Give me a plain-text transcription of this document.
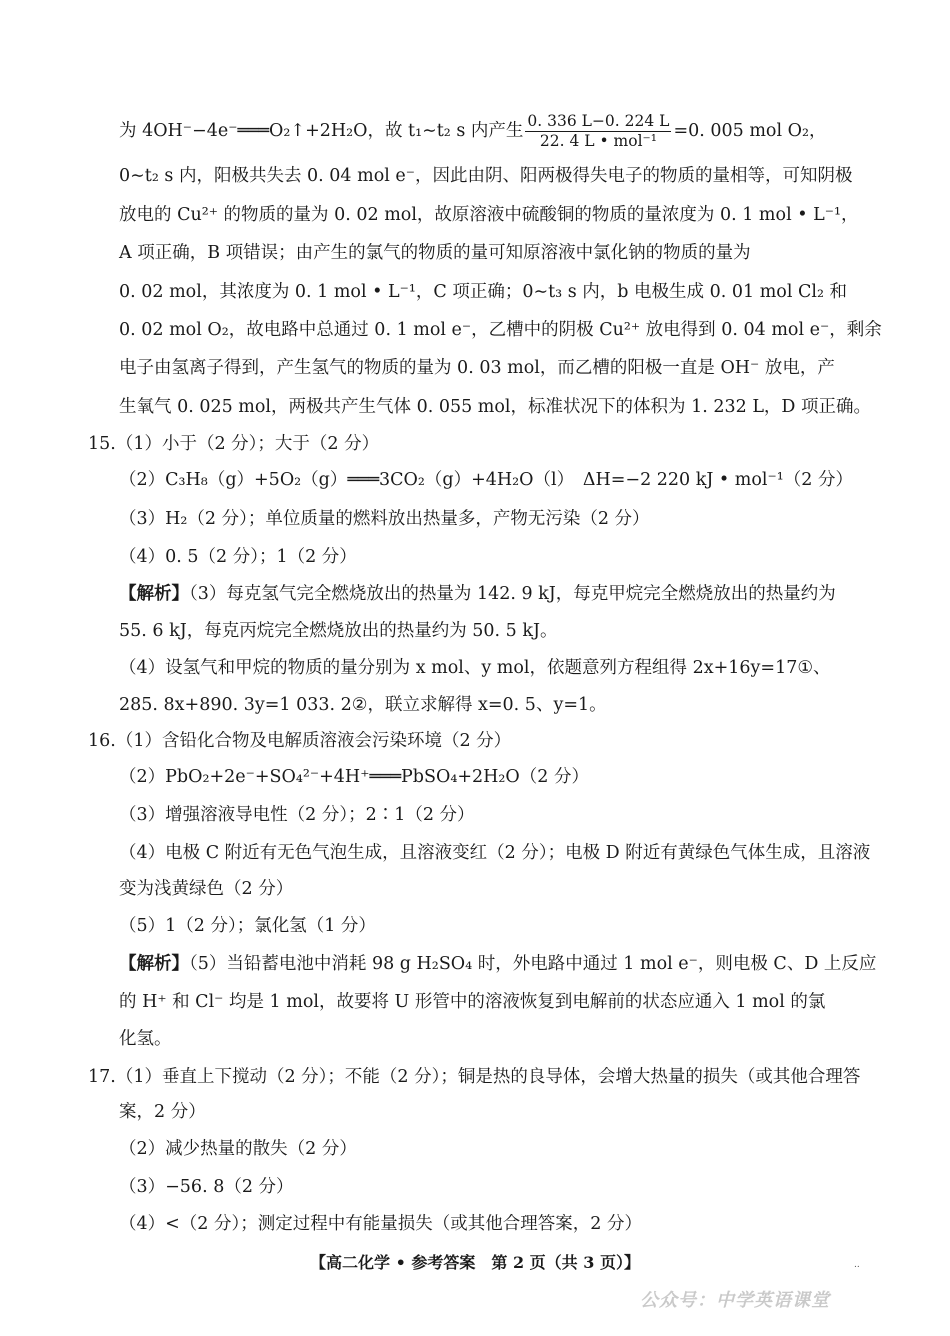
为 4OH⁻−4e⁻═══O₂↑+2H₂O，故 t₁∼t₂ s 内产生 $\frac{0. 336 L-0. 224 L}{\text{22. 4 L • mol⁻¹}} =0$. 005 mol O₂，
0∼t₂ s 内，阳极共失去 0. 04 mol e⁻，因此由阴、阳两极得失电子的物质的量相等，可知阴极
放电的 Cu²⁺ 的物质的量为 0. 02 mol，故原溶液中硫酸铜的物质的量浓度为 0. 1 mol • L⁻¹，
A 项正确，B 项错误；由产生的氯气的物质的量可知原溶液中氯化钠的物质的量为
0. 02 mol，其浓度为 0. 1 mol • L⁻¹，C 项正确；0∼t₃ s 内，b 电极生成 0. 01 mol Cl₂ 和
0. 02 mol O₂，故电路中总通过 0. 1 mol e⁻，乙槽中的阴极 Cu²⁺ 放电得到 0. 04 mol e⁻，剩余
电子由氢离子得到，产生氢气的物质的量为 0. 03 mol，而乙槽的阳极一直是 OH⁻ 放电，产
生氧气 0. 025 mol，两极共产生气体 0. 055 mol，标准状况下的体积为 1. 232 L，D 项正确。
15.（1）小于（2 分）；大于（2 分）
（2）C₃H₈（g）+5O₂（g）═══3CO₂（g）+4H₂O（l）　ΔH=−2 220 kJ • mol⁻¹（2 分）
（3）H₂（2 分）；单位质量的燃料放出热量多，产物无污染（2 分）
（4）0. 5（2 分）；1（2 分）
【解析】（3）每克氢气完全燃烧放出的热量为 142. 9 kJ，每克甲烷完全燃烧放出的热量约为
55. 6 kJ，每克丙烷完全燃烧放出的热量约为 50. 5 kJ。
（4）设氢气和甲烷的物质的量分别为 x mol、y mol，依题意列方程组得 2x+16y=17①、
285. 8x+890. 3y=1 033. 2②，联立求解得 x=0. 5、y=1。
16.（1）含铅化合物及电解质溶液会污染环境（2 分）
（2）PbO₂+2e⁻+SO₄²⁻+4H⁺═══PbSO₄+2H₂O（2 分）
（3）增强溶液导电性（2 分）；2∶1（2 分）
（4）电极 C 附近有无色气泡生成，且溶液变红（2 分）；电极 D 附近有黄绿色气体生成，且溶液
变为浅黄绿色（2 分）
（5）1（2 分）；氯化氢（1 分）
【解析】（5）当铅蓄电池中消耗 98 g H₂SO₄ 时，外电路中通过 1 mol e⁻，则电极 C、D 上反应
的 H⁺ 和 Cl⁻ 均是 1 mol，故要将 U 形管中的溶液恢复到电解前的状态应通入 1 mol 的氯
化氢。
17.（1）垂直上下搅动（2 分）；不能（2 分）；铜是热的良导体，会增大热量的损失（或其他合理答
案，2 分）
（2）减少热量的散失（2 分）
（3）−56. 8（2 分）
（4）<（2 分）；测定过程中有能量损失（或其他合理答案，2 分）
【高二化学 • 参考答案　第 2 页（共 3 页）】	..
公众号：中学英语课堂
